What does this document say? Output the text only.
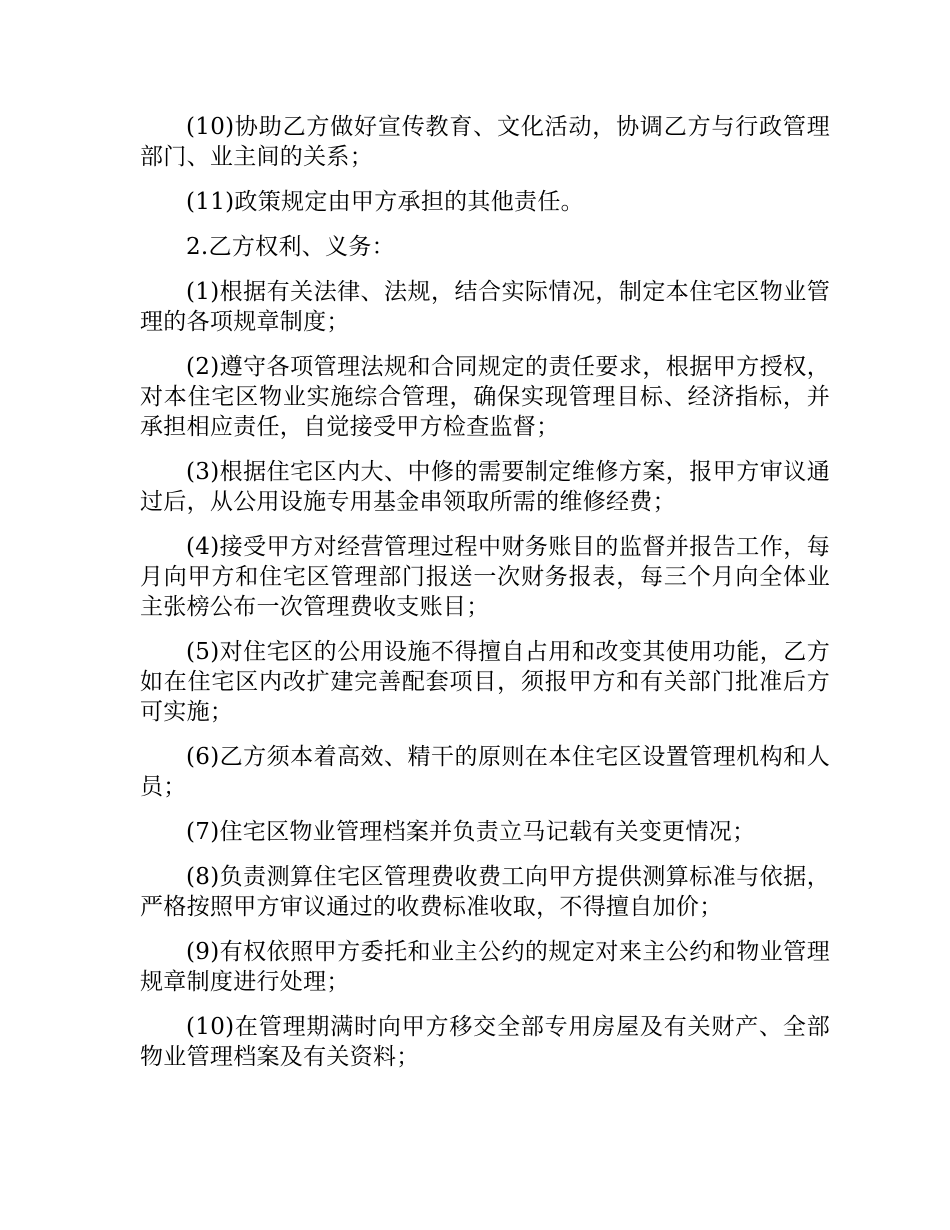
(10)协助乙方做好宣传教育、文化活动，协调乙方与行政管理部门、业主间的关系；

(11)政策规定由甲方承担的其他责任。

2.乙方权利、义务：

(1)根据有关法律、法规，结合实际情况，制定本住宅区物业管理的各项规章制度；

(2)遵守各项管理法规和合同规定的责任要求，根据甲方授权，对本住宅区物业实施综合管理，确保实现管理目标、经济指标，并承担相应责任，自觉接受甲方检查监督；

(3)根据住宅区内大、中修的需要制定维修方案，报甲方审议通过后，从公用设施专用基金串领取所需的维修经费；

(4)接受甲方对经营管理过程中财务账目的监督并报告工作，每月向甲方和住宅区管理部门报送一次财务报表，每三个月向全体业主张榜公布一次管理费收支账目；

(5)对住宅区的公用设施不得擅自占用和改变其使用功能，乙方如在住宅区内改扩建完善配套项目，须报甲方和有关部门批准后方可实施；

(6)乙方须本着高效、精干的原则在本住宅区设置管理机构和人员；

(7)住宅区物业管理档案并负责立马记载有关变更情况；

(8)负责测算住宅区管理费收费工向甲方提供测算标准与依据，严格按照甲方审议通过的收费标准收取，不得擅自加价；

(9)有权依照甲方委托和业主公约的规定对来主公约和物业管理规章制度进行处理；

(10)在管理期满时向甲方移交全部专用房屋及有关财产、全部物业管理档案及有关资料；
